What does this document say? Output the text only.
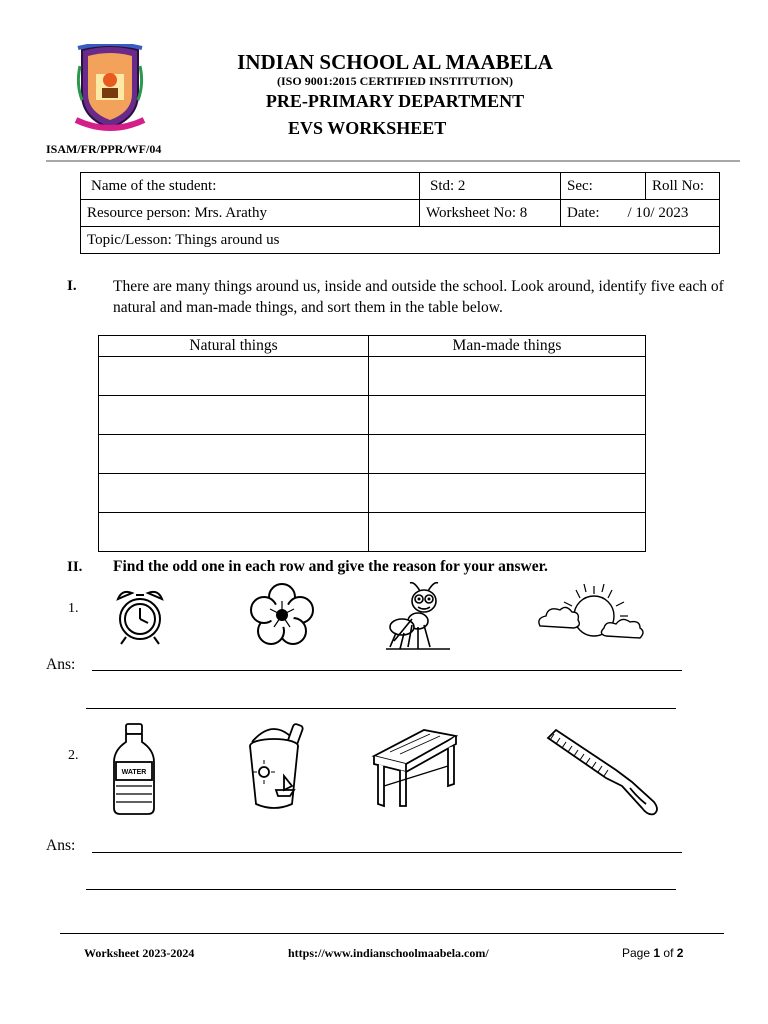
INDIAN SCHOOL AL MAABELA
(ISO 9001:2015 CERTIFIED INSTITUTION)
PRE-PRIMARY DEPARTMENT
EVS WORKSHEET
ISAM/FR/PPR/WF/04
Name of the student:	Std: 2	Sec:	Roll No:
Resource person: Mrs. Arathy	Worksheet No: 8	Date: / 10/ 2023	
Topic/Lesson: Things around us			
I. There are many things around us, inside and outside the school. Look around, identify five each of natural and man-made things, and sort them in the table below.
Natural things	Man-made things

II. Find the odd one in each row and give the reason for your answer.
1.
Ans:
2.
WATER
Ans:
Worksheet 2023-2024	https://www.indianschoolmaabela.com/	Page 1 of 2
